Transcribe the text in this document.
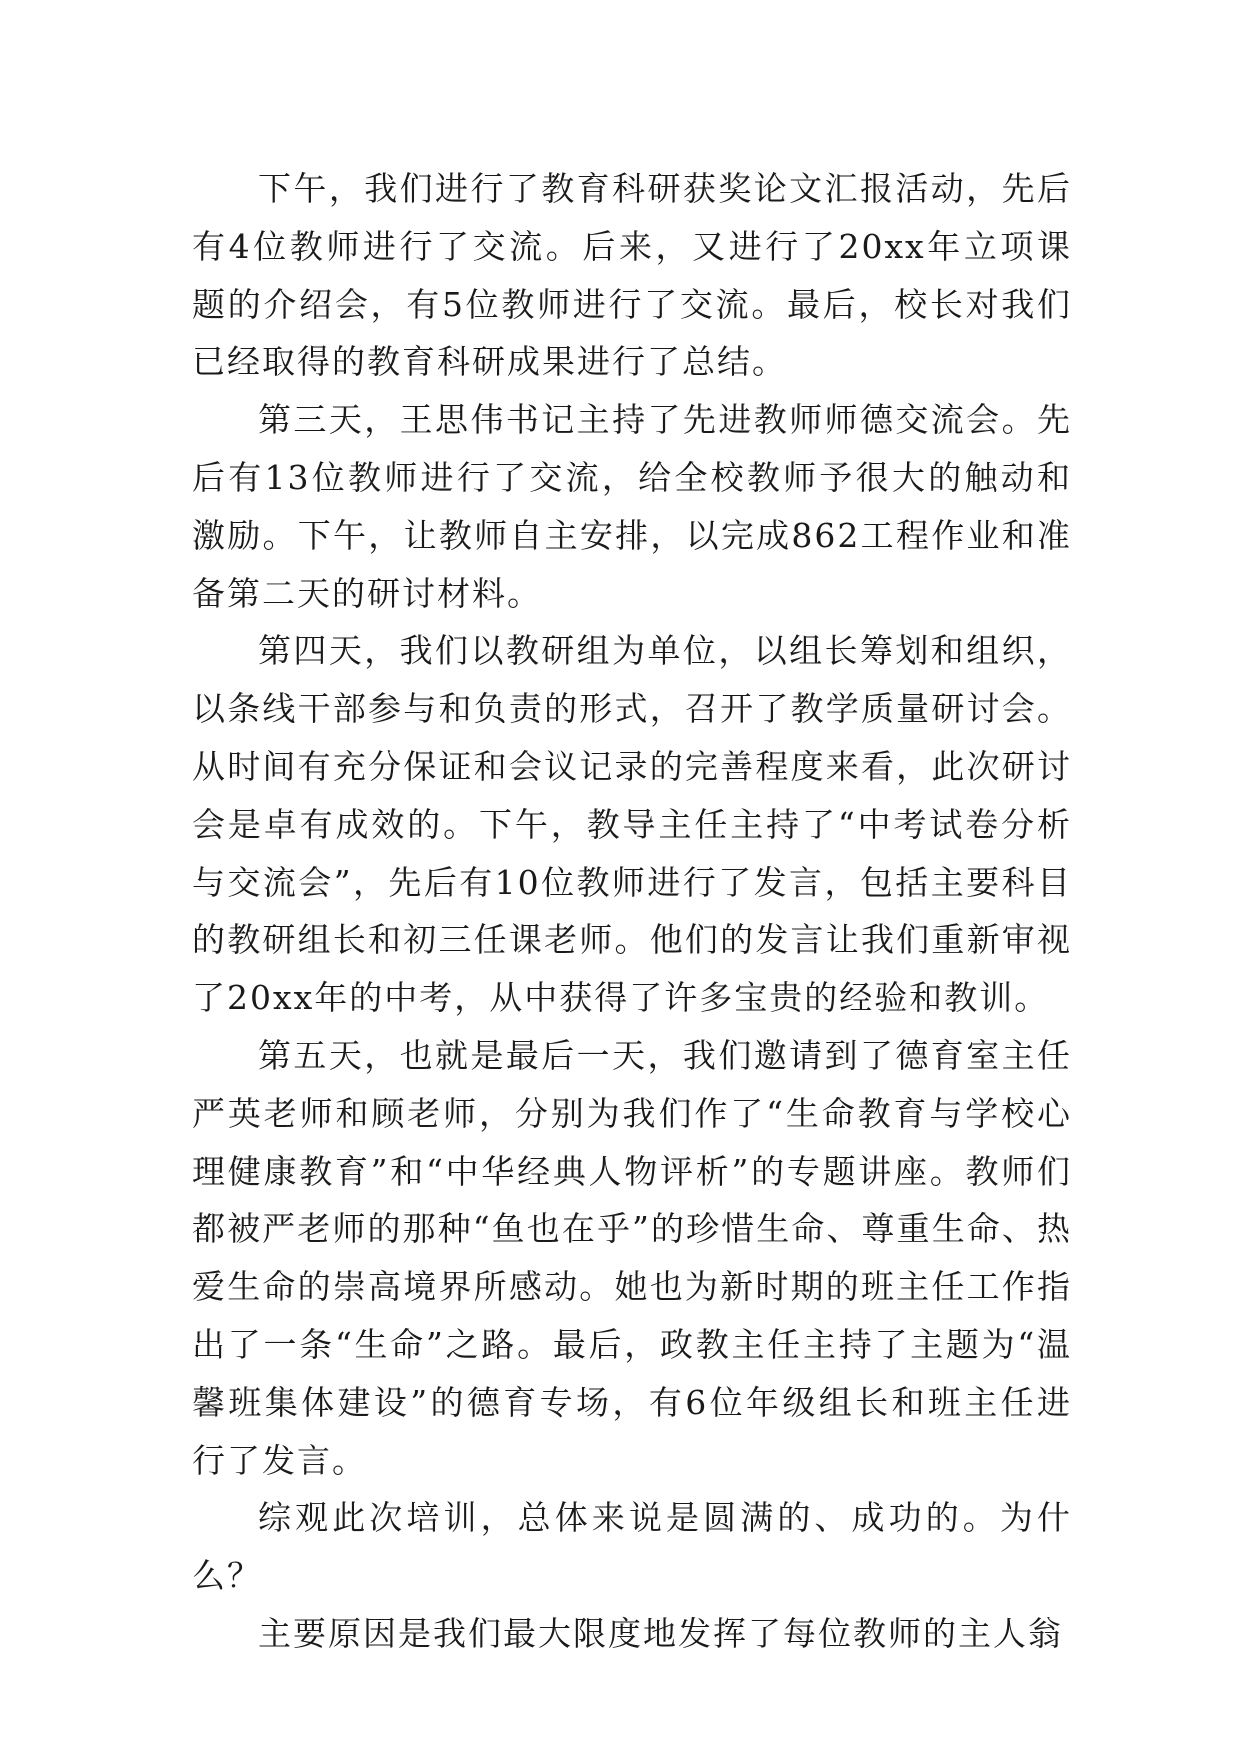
下午，我们进行了教育科研获奖论文汇报活动，先后有4位教师进行了交流。后来，又进行了20xx年立项课题的介绍会，有5位教师进行了交流。最后，校长对我们已经取得的教育科研成果进行了总结。

第三天，王思伟书记主持了先进教师师德交流会。先后有13位教师进行了交流，给全校教师予很大的触动和激励。下午，让教师自主安排，以完成862工程作业和准备第二天的研讨材料。

第四天，我们以教研组为单位，以组长筹划和组织，以条线干部参与和负责的形式，召开了教学质量研讨会。从时间有充分保证和会议记录的完善程度来看，此次研讨会是卓有成效的。下午，教导主任主持了“中考试卷分析与交流会”，先后有10位教师进行了发言，包括主要科目的教研组长和初三任课老师。他们的发言让我们重新审视了20xx年的中考，从中获得了许多宝贵的经验和教训。

第五天，也就是最后一天，我们邀请到了德育室主任严英老师和顾老师，分别为我们作了“生命教育与学校心理健康教育”和“中华经典人物评析”的专题讲座。教师们都被严老师的那种“鱼也在乎”的珍惜生命、尊重生命、热爱生命的崇高境界所感动。她也为新时期的班主任工作指出了一条“生命”之路。最后，政教主任主持了主题为“温馨班集体建设”的德育专场，有6位年级组长和班主任进行了发言。

综观此次培训，总体来说是圆满的、成功的。为什么？

主要原因是我们最大限度地发挥了每位教师的主人翁
